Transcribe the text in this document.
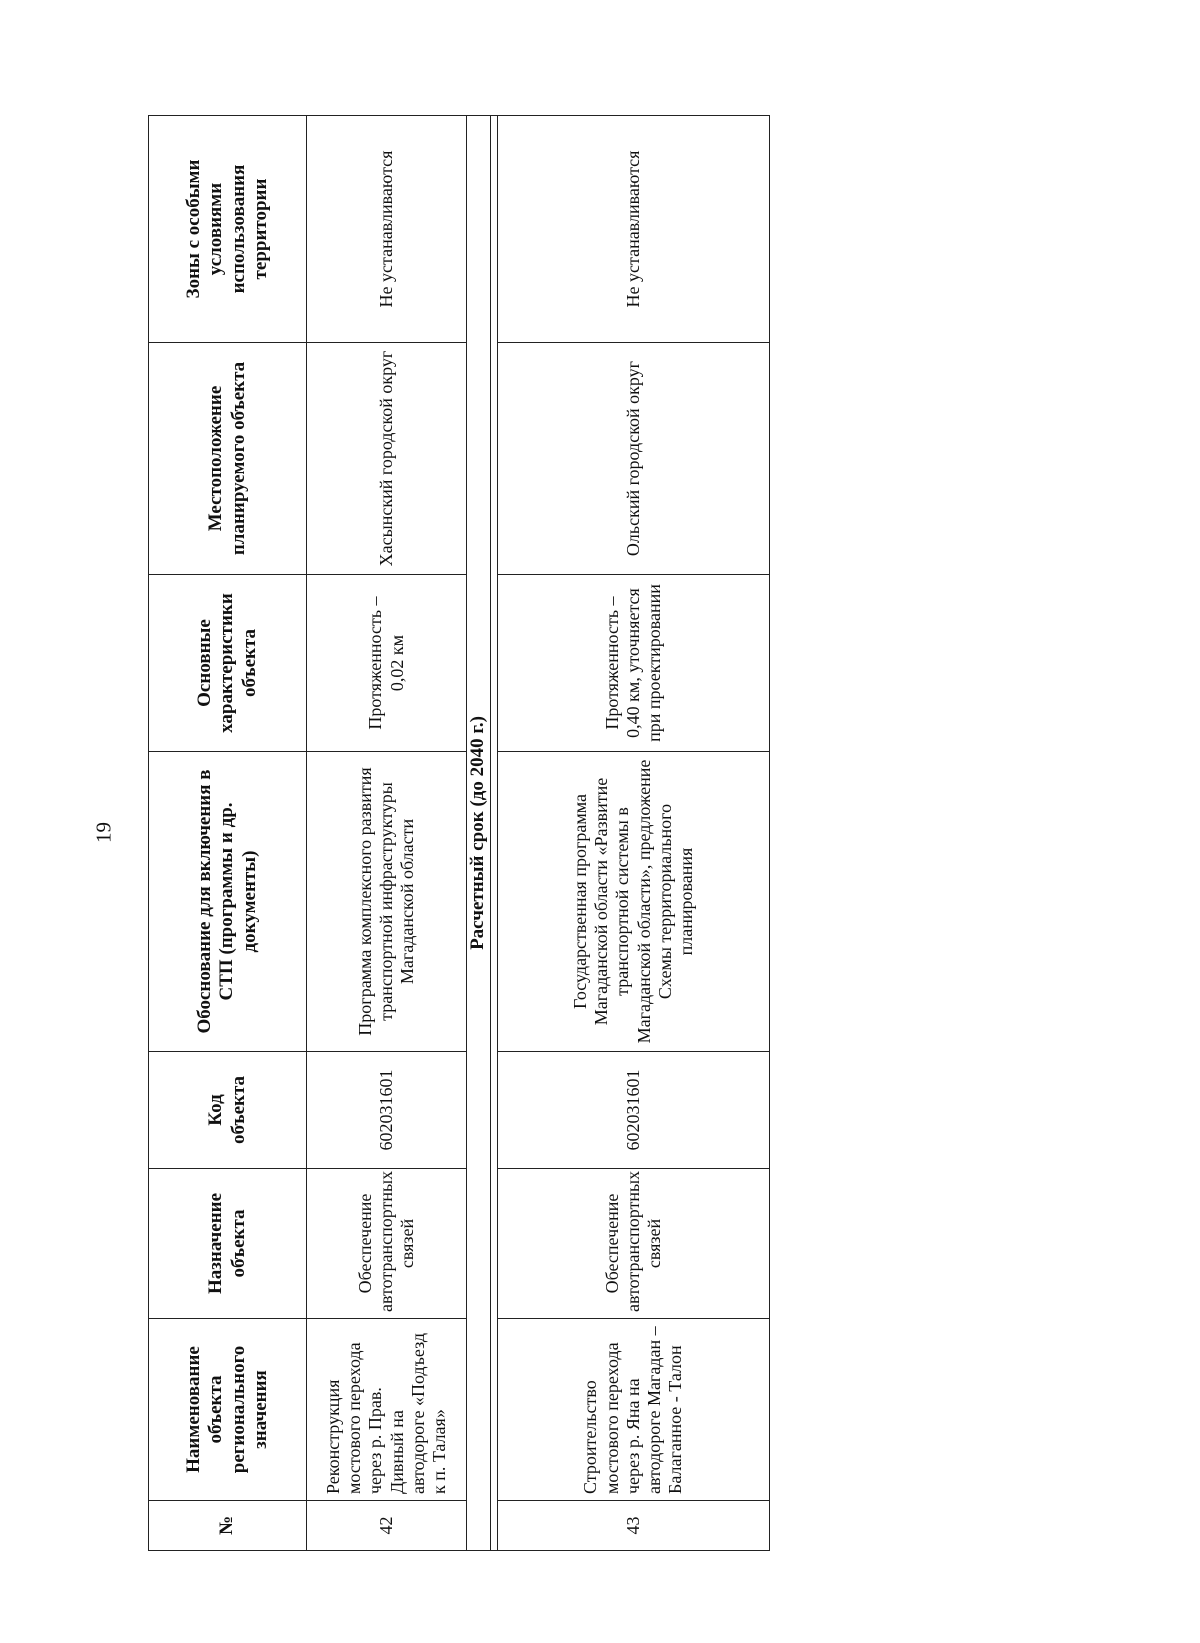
19
№	Наименование объекта регионального значения	Назначение объекта	Код объекта	Обоснование для включения в СТП (программы и др. документы)	Основные характеристики объекта	Местоположение планируемого объекта	Зоны с особыми условиями использования территории
42	Реконструкция мостового перехода через р. Прав. Дивный на автодороге «Подъезд к п. Талая»	Обеспечение автотранспортных связей	602031601	Программа комплексного развития транспортной инфраструктуры Магаданской области	Протяженность – 0,02 км	Хасынский городской округ	Не устанавливаются
Расчетный срок (до 2040 г.)							

43	Строительство мостового перехода через р. Яна на автодороге Магадан – Балаганное - Талон	Обеспечение автотранспортных связей	602031601	Государственная программа Магаданской области «Развитие транспортной системы в Магаданской области», предложение Схемы территориального планирования	Протяженность – 0,40 км, уточняется при проектировании	Ольский городской округ	Не устанавливаются
